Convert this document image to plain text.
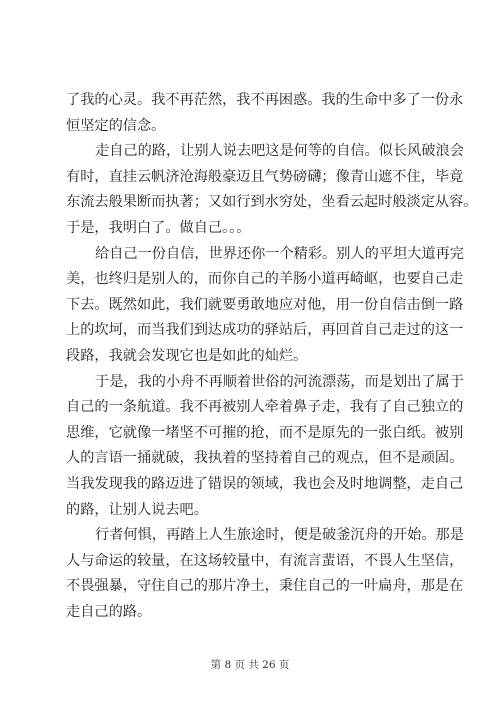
了我的心灵。我不再茫然，我不再困惑。我的生命中多了一份永
恒坚定的信念。
走自己的路，让别人说去吧这是何等的自信。似长风破浪会
有时，直挂云帆济沧海般豪迈且气势磅礴；像青山遮不住，毕竟
东流去般果断而执著；又如行到水穷处，坐看云起时般淡定从容。
于是，我明白了。做自己。。。
给自己一份自信，世界还你一个精彩。别人的平坦大道再完
美，也终归是别人的，而你自己的羊肠小道再崎岖，也要自己走
下去。既然如此，我们就要勇敢地应对他，用一份自信击倒一路
上的坎坷，而当我们到达成功的驿站后，再回首自己走过的这一
段路，我就会发现它也是如此的灿烂。
于是，我的小舟不再顺着世俗的河流漂荡，而是划出了属于
自己的一条航道。我不再被别人牵着鼻子走，我有了自己独立的
思维，它就像一堵坚不可摧的抢，而不是原先的一张白纸。被别
人的言语一捅就破，我执着的坚持着自己的观点，但不是顽固。
当我发现我的路迈进了错误的领域，我也会及时地调整，走自己
的路，让别人说去吧。
行者何惧，再踏上人生旅途时，便是破釜沉舟的开始。那是
人与命运的较量，在这场较量中，有流言蜚语，不畏人生坚信，
不畏强暴，守住自己的那片净土，秉住自己的一叶扁舟，那是在
走自己的路。
第 8 页 共 26 页
